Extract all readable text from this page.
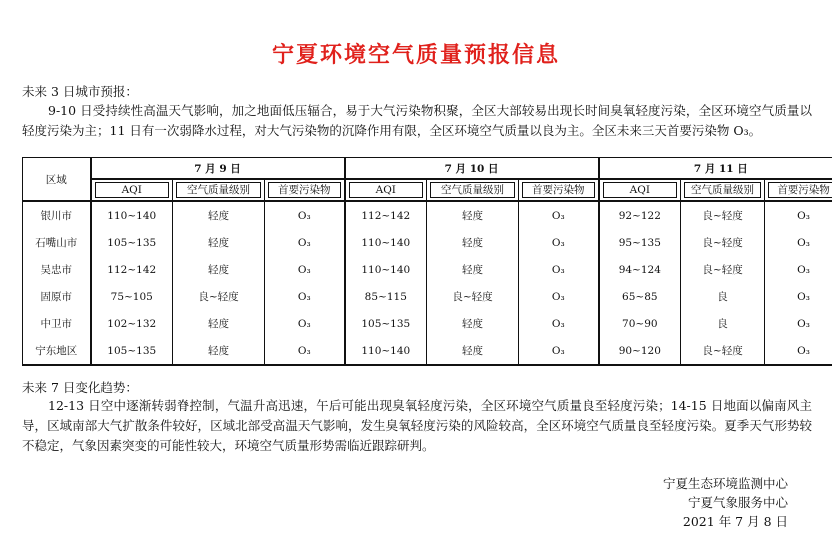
宁夏环境空气质量预报信息
未来 3 日城市预报：
9-10 日受持续性高温天气影响，加之地面低压辐合，易于大气污染物积聚，全区大部较易出现长时间臭氧轻度污染，全区环境空气质量以轻度污染为主；11 日有一次弱降水过程，对大气污染物的沉降作用有限，全区环境空气质量以良为主。全区未来三天首要污染物 O₃。
区域	7 月 9 日			7 月 10 日			7 月 11 日		

	AQI	空气质量级别	首要污染物	AQI	空气质量级别	首要污染物	AQI	空气质量级别	首要污染物

银川市	110~140	轻度	O₃	112~142	轻度	O₃	92~122	良~轻度	O₃
石嘴山市	105~135	轻度	O₃	110~140	轻度	O₃	95~135	良~轻度	O₃
吴忠市	112~142	轻度	O₃	110~140	轻度	O₃	94~124	良~轻度	O₃
固原市	75~105	良~轻度	O₃	85~115	良~轻度	O₃	65~85	良	O₃
中卫市	102~132	轻度	O₃	105~135	轻度	O₃	70~90	良	O₃
宁东地区	105~135	轻度	O₃	110~140	轻度	O₃	90~120	良~轻度	O₃
未来 7 日变化趋势：
12-13 日空中逐渐转弱脊控制，气温升高迅速，午后可能出现臭氧轻度污染，全区环境空气质量良至轻度污染；14-15 日地面以偏南风主导，区域南部大气扩散条件较好，区域北部受高温天气影响，发生臭氧轻度污染的风险较高，全区环境空气质量良至轻度污染。夏季天气形势较不稳定，气象因素突变的可能性较大，环境空气质量形势需临近跟踪研判。
宁夏生态环境监测中心
宁夏气象服务中心
2021 年 7 月 8 日
